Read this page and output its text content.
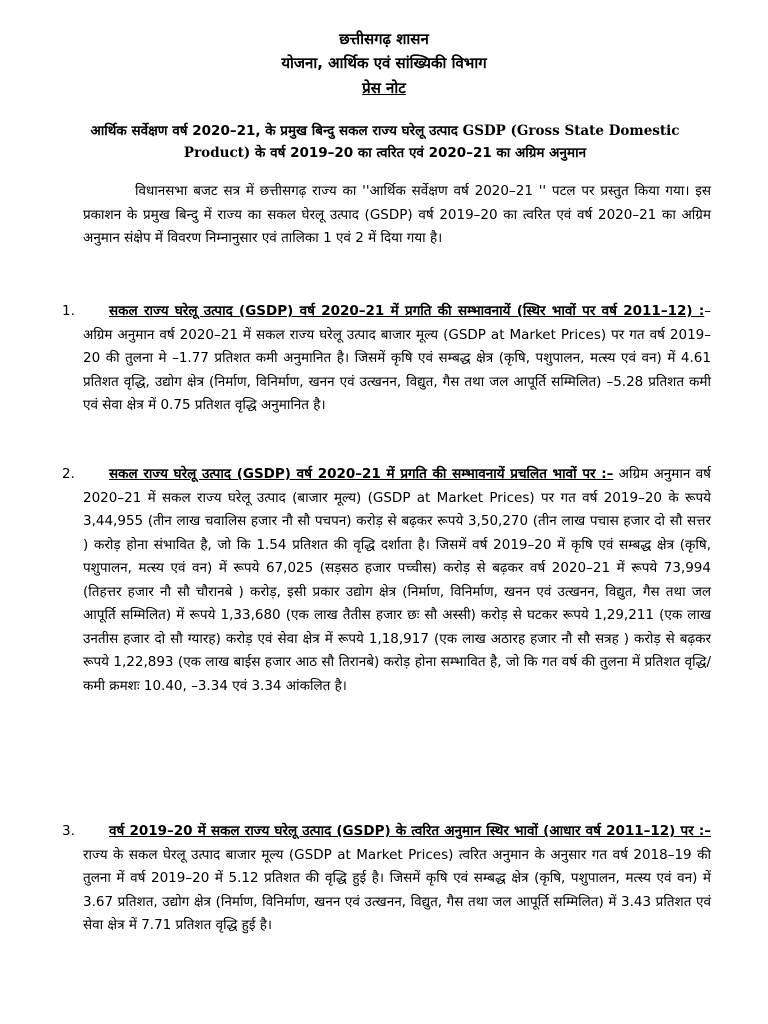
छत्तीसगढ़ शासन
योजना, आर्थिक एवं सांख्यिकी विभाग
प्रेस नोट
आर्थिक सर्वेक्षण वर्ष 2020–21, के प्रमुख बिन्दु सकल राज्य घरेलू उत्पाद GSDP (Gross State Domestic Product) के वर्ष 2019–20 का त्वरित एवं 2020–21 का अग्रिम अनुमान

विधानसभा बजट सत्र में छत्तीसगढ़ राज्य का ''आर्थिक सर्वेक्षण वर्ष 2020–21 '' पटल पर प्रस्तुत किया गया। इस प्रकाशन के प्रमुख बिन्दु में राज्य का सकल घेरलू उत्पाद (GSDP) वर्ष 2019–20 का त्वरित एवं वर्ष 2020–21 का अग्रिम अनुमान संक्षेप में विवरण निम्नानुसार एवं तालिका 1 एवं 2 में दिया गया है।

1.	सकल राज्य घरेलू उत्पाद (GSDP) वर्ष 2020–21 में प्रगति की सम्भावनायें (स्थिर भावों पर वर्ष 2011–12) :– अग्रिम अनुमान वर्ष 2020–21 में सकल राज्य घरेलू उत्पाद बाजार मूल्य (GSDP at Market Prices) पर गत वर्ष 2019–20 की तुलना मे –1.77 प्रतिशत कमी अनुमानित है। जिसमें कृषि एवं सम्बद्ध क्षेत्र (कृषि, पशुपालन, मत्स्य एवं वन) में 4.61 प्रतिशत वृद्धि, उद्योग क्षेत्र (निर्माण, विनिर्माण, खनन एवं उत्खनन, विद्युत, गैस तथा जल आपूर्ति सम्मिलित) –5.28 प्रतिशत कमी एवं सेवा क्षेत्र में 0.75 प्रतिशत वृद्धि अनुमानित है।

2.	सकल राज्य घरेलू उत्पाद (GSDP) वर्ष 2020–21 में प्रगति की सम्भावनायें प्रचलित भावों पर :– अग्रिम अनुमान वर्ष 2020–21 में सकल राज्य घरेलू उत्पाद (बाजार मूल्य) (GSDP at Market Prices) पर गत वर्ष 2019–20 के रूपये 3,44,955 (तीन लाख चवालिस हजार नौ सौ पचपन) करोड़ से बढ़कर रूपये 3,50,270 (तीन लाख पचास हजार दो सौ सत्तर ) करोड़ होना संभावित है, जो कि 1.54 प्रतिशत की वृद्धि दर्शाता है। जिसमें वर्ष 2019–20 में कृषि एवं सम्बद्ध क्षेत्र (कृषि, पशुपालन, मत्स्य एवं वन) में रूपये 67,025 (सड़सठ हजार पच्चीस) करोड़ से बढ़कर वर्ष 2020–21 में रूपये 73,994 (तिहत्तर हजार नौ सौ चौरानबे ) करोड़, इसी प्रकार उद्योग क्षेत्र (निर्माण, विनिर्माण, खनन एवं उत्खनन, विद्युत, गैस तथा जल आपूर्ति सम्मिलित) में रूपये 1,33,680 (एक लाख तैतीस हजार छः सौ अस्सी) करोड़ से घटकर रूपये 1,29,211 (एक लाख उनतीस हजार दो सौ ग्यारह) करोड़ एवं सेवा क्षेत्र में रूपये 1,18,917 (एक लाख अठारह हजार नौ सौ सत्रह ) करोड़ से बढ़कर रूपये 1,22,893 (एक लाख बाईस हजार आठ सौ तिरानबे) करोड़ होना सम्भावित है, जो कि गत वर्ष की तुलना में प्रतिशत वृद्धि/कमी क्रमशः 10.40, –3.34 एवं 3.34 आंकलित है।

3.	वर्ष 2019–20 में सकल राज्य घरेलू उत्पाद (GSDP) के त्वरित अनुमान स्थिर भावों (आधार वर्ष 2011–12) पर :– राज्य के सकल घेरलू उत्पाद बाजार मूल्य (GSDP at Market Prices) त्वरित अनुमान के अनुसार गत वर्ष 2018–19 की तुलना में वर्ष 2019–20 में 5.12 प्रतिशत की वृद्धि हुई है। जिसमें कृषि एवं सम्बद्ध क्षेत्र (कृषि, पशुपालन, मत्स्य एवं वन) में 3.67 प्रतिशत, उद्योग क्षेत्र (निर्माण, विनिर्माण, खनन एवं उत्खनन, विद्युत, गैस तथा जल आपूर्ति सम्मिलित) में 3.43 प्रतिशत एवं सेवा क्षेत्र में 7.71 प्रतिशत वृद्धि हुई है।
